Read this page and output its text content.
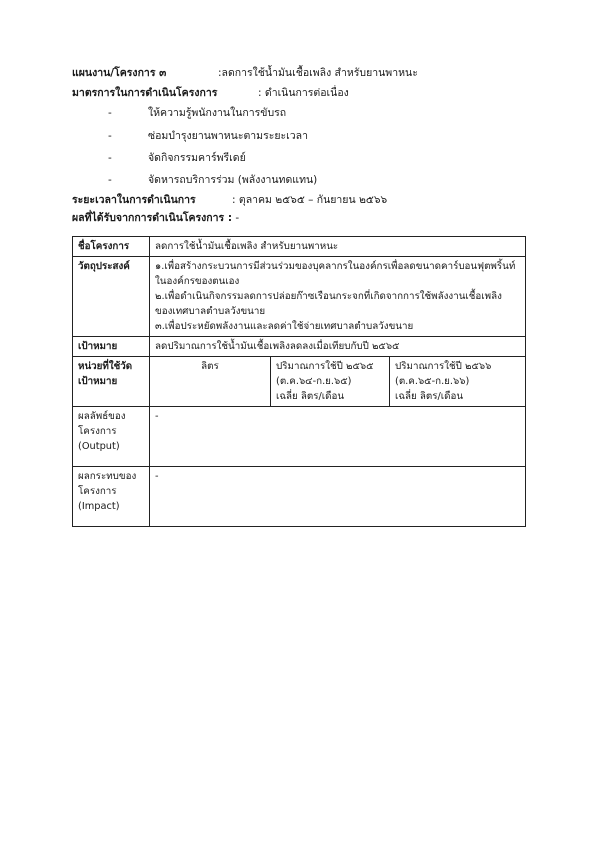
แผนงาน/โครงการ ๓	:ลดการใช้น้ำมันเชื้อเพลิง สำหรับยานพาหนะ
มาตรการในการดำเนินโครงการ	: ดำเนินการต่อเนื่อง
-	ให้ความรู้พนักงานในการขับรถ
-	ซ่อมบำรุงยานพาหนะตามระยะเวลา
-	จัดกิจกรรมคาร์พรีเดย์
-	จัดหารถบริการร่วม (พลังงานทดแทน)
ระยะเวลาในการดำเนินการ	: ตุลาคม ๒๕๖๕ – กันยายน ๒๕๖๖
ผลที่ได้รับจากการดำเนินโครงการ : -
ชื่อโครงการ	ลดการใช้น้ำมันเชื้อเพลิง สำหรับยานพาหนะ		
วัตถุประสงค์	๑.เพื่อสร้างกระบวนการมีส่วนร่วมของบุคลากรในองค์กรเพื่อลดขนาดคาร์บอนฟุตพริ้นท์
ในองค์กรของตนเอง
๒.เพื่อดำเนินกิจกรรมลดการปล่อยก๊าซเรือนกระจกที่เกิดจากการใช้พลังงานเชื้อเพลิง
ของเทศบาลตำบลวังขนาย
๓.เพื่อประหยัดพลังงานและลดค่าใช้จ่ายเทศบาลตำบลวังขนาย		

เป้าหมาย	ลดปริมาณการใช้น้ำมันเชื้อเพลิงลดลงเมื่อเทียบกับปี ๒๕๖๕		

หน่วยที่ใช้วัด
เป้าหมาย	ลิตร	ปริมาณการใช้ปี ๒๕๖๕
(ต.ค.๖๔-ก.ย.๖๕)
เฉลี่ย ลิตร/เดือน	ปริมาณการใช้ปี ๒๕๖๖
(ต.ค.๖๕-ก.ย.๖๖)
เฉลี่ย ลิตร/เดือน

ผลลัพธ์ของ
โครงการ
(Output)	-		

ผลกระทบของ
โครงการ
(Impact)	-		
